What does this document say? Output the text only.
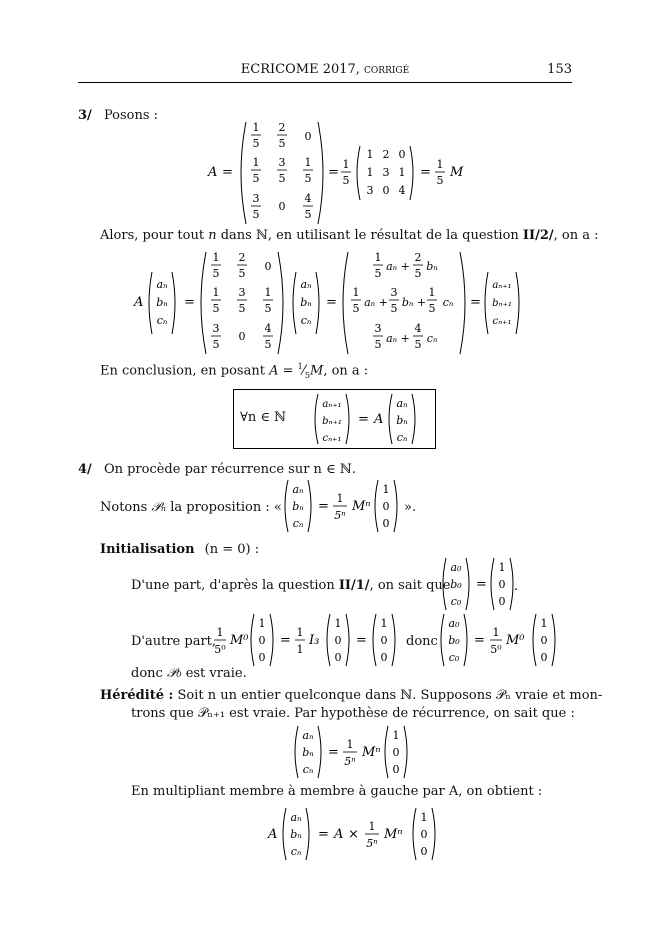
ECRICOME 2017, corrigé	153
3/ Posons :
A =
1
5
2
5
0
1
5
3
5
1
5
3
5
0
4
5
=
1
5
1 2 0
1 3 1
3 0 4
=
1
5
M
Alors, pour tout n dans ℕ, en utilisant le résultat de la question II/2/, on a :
A
aₙ
bₙ
cₙ
=
1
5
2
5
0
1
5
3
5
1
5
3
5
0
4
5
aₙ
bₙ
cₙ
=
1
5
aₙ +
2
5
bₙ
1
5 aₙ +
3
5 bₙ +
1
5 cₙ
3
5 aₙ +
4
5 cₙ
=
aₙ₊₁
bₙ₊₁
cₙ₊₁
En conclusion, en posant $A = ^1⁄_5M$, on a :
∀n ∈ ℕ
aₙ₊₁
bₙ₊₁
cₙ₊₁
= A
aₙ
bₙ
cₙ
4/ On procède par récurrence sur n ∈ ℕ.
Notons 𝒫ₙ la proposition : «
aₙ
bₙ
cₙ
=
1
5ⁿ
Mⁿ
1
0
0
».
Initialisation (n = 0) :
D'une part, d'après la question II/1/, on sait que
a₀
b₀
c₀
=
1
0
0
.
D'autre part,
1
5⁰
M⁰
1
0
0
=
1
1
I₃
1
0
0
=
1
0
0
a₀
b₀
c₀
=
1
5⁰
M⁰
1
0
0
donc
donc 𝒫₀ est vraie.
Hérédité : Soit n un entier quelconque dans ℕ. Supposons 𝒫ₙ vraie et mon-
trons que 𝒫ₙ₊₁ est vraie. Par hypothèse de récurrence, on sait que :
aₙ
bₙ
cₙ
=
1
5ⁿ
Mⁿ
1
0
0
En multipliant membre à membre à gauche par A, on obtient :
A
aₙ
bₙ
cₙ
= A ×
1
5ⁿ
Mⁿ
1
0
0
